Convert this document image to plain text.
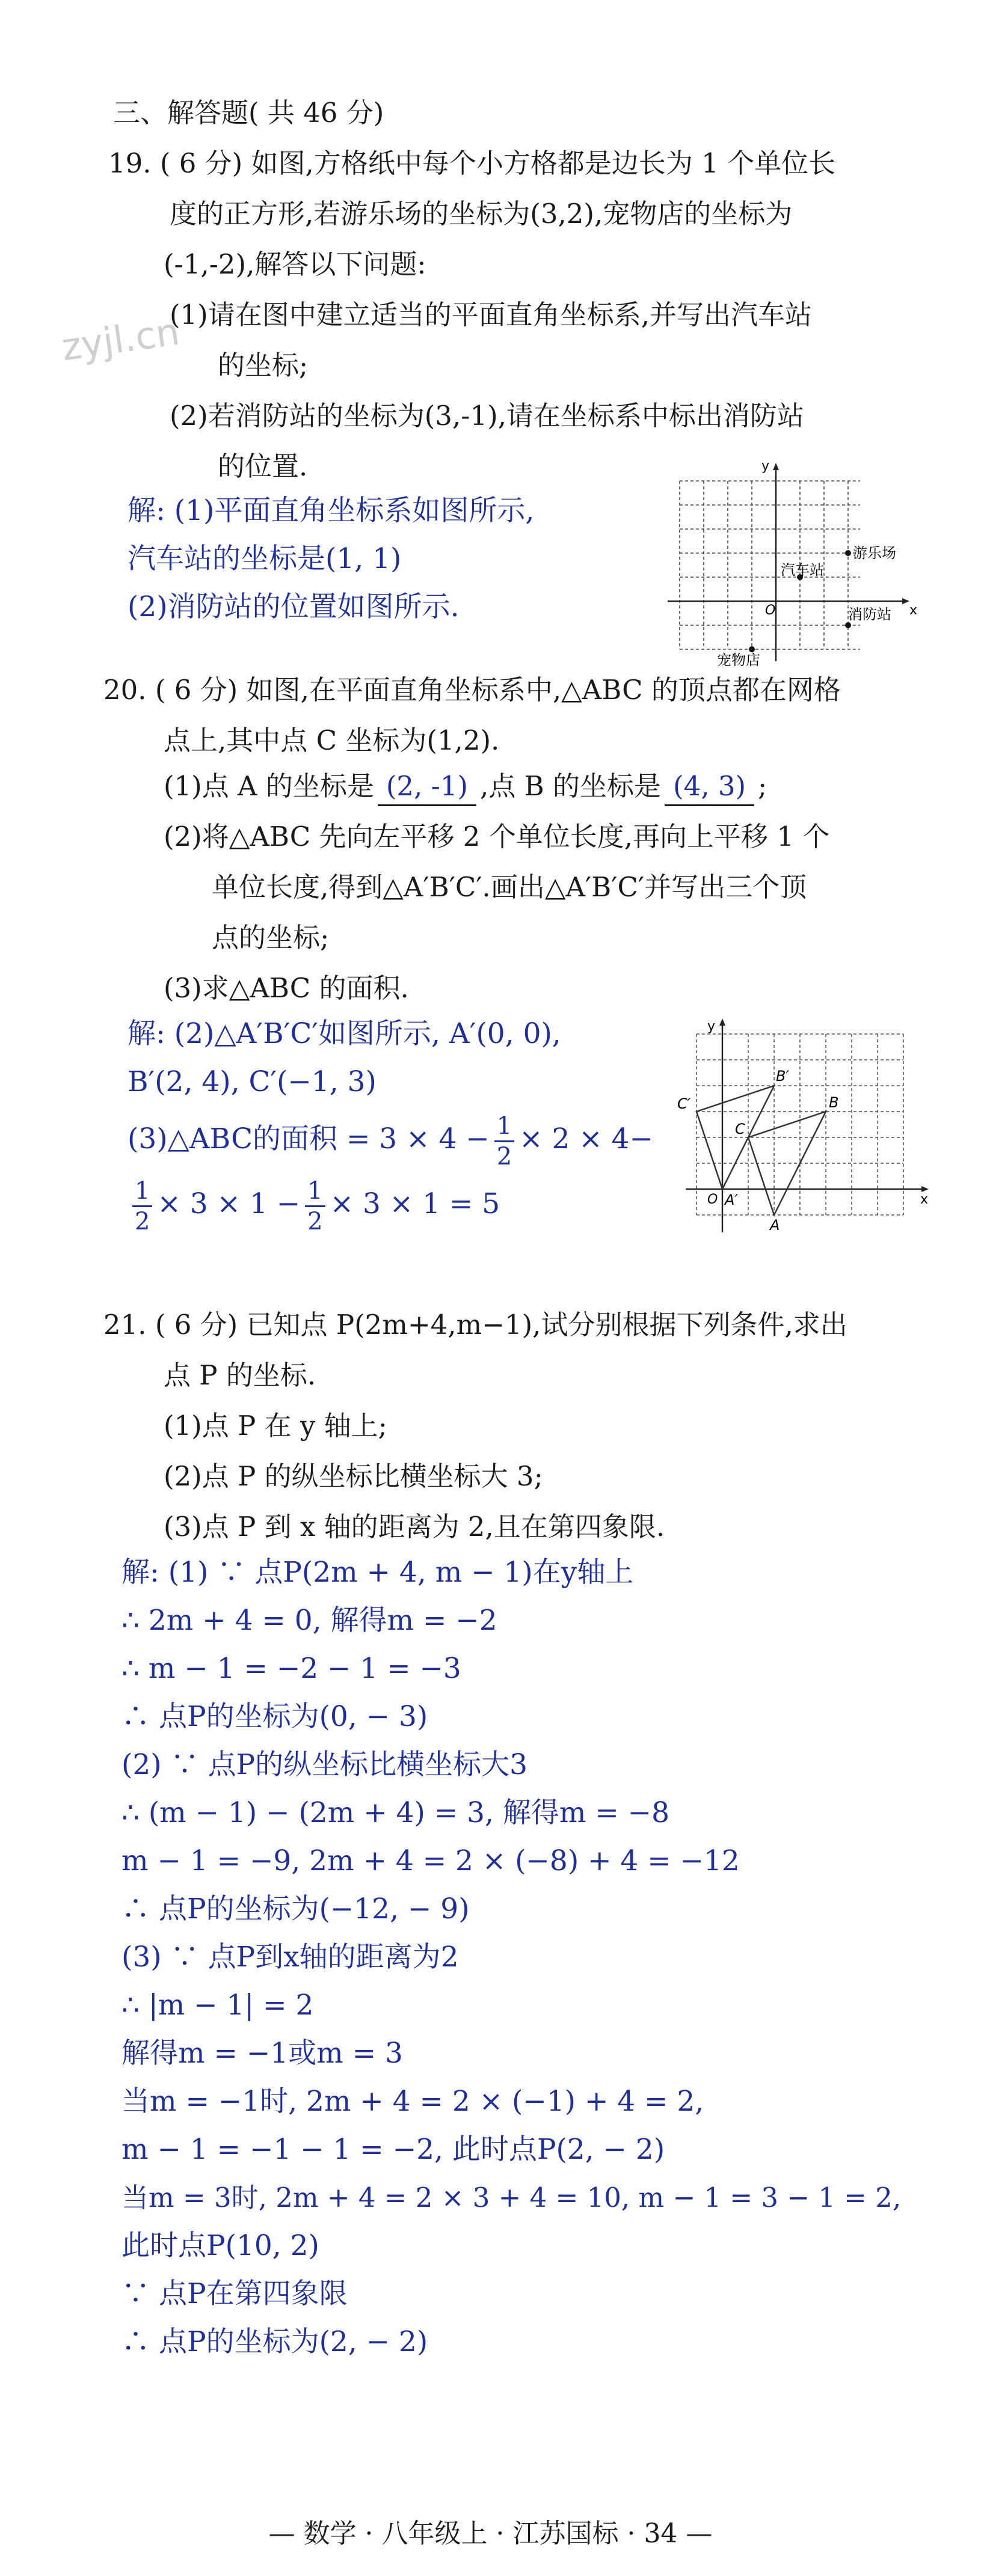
zyjl.cn
三、解答题( 共 46 分)
19. ( 6 分) 如图,方格纸中每个小方格都是边长为 1 个单位长
度的正方形,若游乐场的坐标为(3,2),宠物店的坐标为
(-1,-2),解答以下问题:
(1)请在图中建立适当的平面直角坐标系,并写出汽车站
的坐标;
(2)若消防站的坐标为(3,-1),请在坐标系中标出消防站
的位置.
解: (1)平面直角坐标系如图所示,
汽车站的坐标是(1, 1)
(2)消防站的位置如图所示.
y
x
O
游乐场
汽车站
消防站
宠物店
20. ( 6 分) 如图,在平面直角坐标系中,△ABC 的顶点都在网格
点上,其中点 C 坐标为(1,2).
(1)点 A 的坐标是 (2, -1) ,点 B 的坐标是 (4, 3) ;
(2)将△ABC 先向左平移 2 个单位长度,再向上平移 1 个
单位长度,得到△A′B′C′.画出△A′B′C′并写出三个顶
点的坐标;
(3)求△ABC 的面积.
解: (2)△A′B′C′如图所示, A′(0, 0),
B′(2, 4), C′(−1, 3)
(3)△ABC的面积 = $3 \times 4 - \frac{1}{2} \times 2 \times 4-$
$\frac{1}{2} \times 3 \times 1 - \frac{1}{2} \times 3 \times 1 = 5$
y
x
O A′
A
B
B′
C
C′
21. ( 6 分) 已知点 P(2m+4,m−1),试分别根据下列条件,求出
点 P 的坐标.
(1)点 P 在 y 轴上;
(2)点 P 的纵坐标比横坐标大 3;
(3)点 P 到 x 轴的距离为 2,且在第四象限.
解: (1) ∵ 点P(2m + 4, m − 1)在y轴上
∴ 2m + 4 = 0, 解得m = −2
∴ m − 1 = −2 − 1 = −3
∴ 点P的坐标为(0, − 3)
(2) ∵ 点P的纵坐标比横坐标大3
∴ (m − 1) − (2m + 4) = 3, 解得m = −8
m − 1 = −9, 2m + 4 = 2 × (−8) + 4 = −12
∴ 点P的坐标为(−12, − 9)
(3) ∵ 点P到x轴的距离为2
∴ |m − 1| = 2
解得m = −1或m = 3
当m = −1时, 2m + 4 = 2 × (−1) + 4 = 2,
m − 1 = −1 − 1 = −2, 此时点P(2, − 2)
当m = 3时, 2m + 4 = 2 × 3 + 4 = 10, m − 1 = 3 − 1 = 2,
此时点P(10, 2)
∵ 点P在第四象限
∴ 点P的坐标为(2, − 2)
— 数学 · 八年级上 · 江苏国标 · 34 —
